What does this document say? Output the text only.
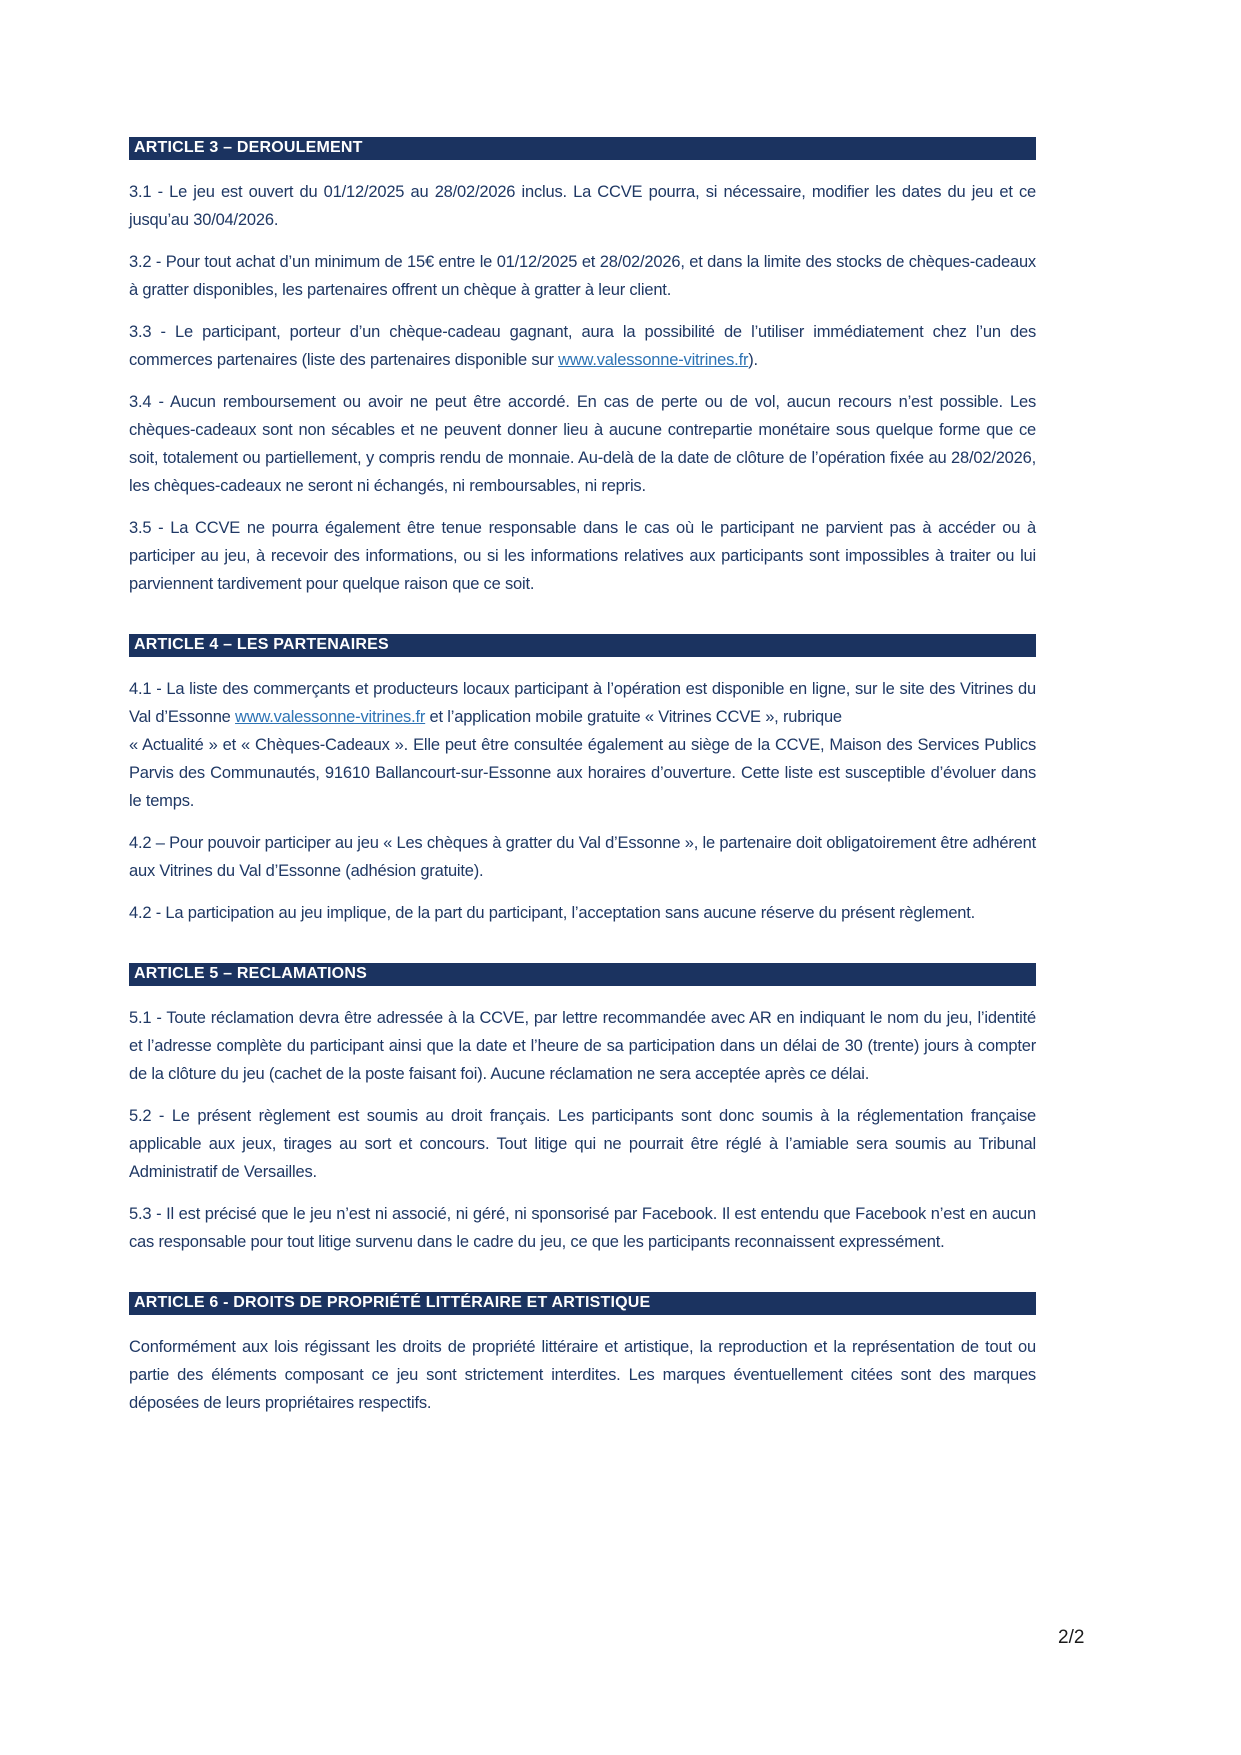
ARTICLE 3 – DEROULEMENT

3.1 - Le jeu est ouvert du 01/12/2025 au 28/02/2026 inclus. La CCVE pourra, si nécessaire, modifier les dates du jeu et ce jusqu’au 30/04/2026.

3.2 - Pour tout achat d’un minimum de 15€ entre le 01/12/2025 et 28/02/2026, et dans la limite des stocks de chèques-cadeaux à gratter disponibles, les partenaires offrent un chèque à gratter à leur client.

3.3 - Le participant, porteur d’un chèque-cadeau gagnant, aura la possibilité de l’utiliser immédiatement chez l’un des commerces partenaires (liste des partenaires disponible sur www.valessonne-vitrines.fr).

3.4 - Aucun remboursement ou avoir ne peut être accordé. En cas de perte ou de vol, aucun recours n’est possible. Les chèques-cadeaux sont non sécables et ne peuvent donner lieu à aucune contrepartie monétaire sous quelque forme que ce soit, totalement ou partiellement, y compris rendu de monnaie. Au-delà de la date de clôture de l’opération fixée au 28/02/2026, les chèques-cadeaux ne seront ni échangés, ni remboursables, ni repris.

3.5 - La CCVE ne pourra également être tenue responsable dans le cas où le participant ne parvient pas à accéder ou à participer au jeu, à recevoir des informations, ou si les informations relatives aux participants sont impossibles à traiter ou lui parviennent tardivement pour quelque raison que ce soit.

ARTICLE 4 – LES PARTENAIRES

4.1 - La liste des commerçants et producteurs locaux participant à l’opération est disponible en ligne, sur le site des Vitrines du Val d’Essonne www.valessonne-vitrines.fr et l’application mobile gratuite « Vitrines CCVE », rubrique
« Actualité » et « Chèques-Cadeaux ». Elle peut être consultée également au siège de la CCVE, Maison des Services Publics Parvis des Communautés, 91610 Ballancourt-sur-Essonne aux horaires d’ouverture. Cette liste est susceptible d’évoluer dans le temps.

4.2 – Pour pouvoir participer au jeu « Les chèques à gratter du Val d’Essonne », le partenaire doit obligatoirement être adhérent aux Vitrines du Val d’Essonne (adhésion gratuite).

4.2 - La participation au jeu implique, de la part du participant, l’acceptation sans aucune réserve du présent règlement.

ARTICLE 5 – RECLAMATIONS

5.1 - Toute réclamation devra être adressée à la CCVE, par lettre recommandée avec AR en indiquant le nom du jeu, l’identité et l’adresse complète du participant ainsi que la date et l’heure de sa participation dans un délai de 30 (trente) jours à compter de la clôture du jeu (cachet de la poste faisant foi). Aucune réclamation ne sera acceptée après ce délai.

5.2 - Le présent règlement est soumis au droit français. Les participants sont donc soumis à la réglementation française applicable aux jeux, tirages au sort et concours. Tout litige qui ne pourrait être réglé à l’amiable sera soumis au Tribunal Administratif de Versailles.

5.3 - Il est précisé que le jeu n’est ni associé, ni géré, ni sponsorisé par Facebook. Il est entendu que Facebook n’est en aucun cas responsable pour tout litige survenu dans le cadre du jeu, ce que les participants reconnaissent expressément.

ARTICLE 6 - DROITS DE PROPRIÉTÉ LITTÉRAIRE ET ARTISTIQUE

Conformément aux lois régissant les droits de propriété littéraire et artistique, la reproduction et la représentation de tout ou partie des éléments composant ce jeu sont strictement interdites. Les marques éventuellement citées sont des marques déposées de leurs propriétaires respectifs.

2/2
